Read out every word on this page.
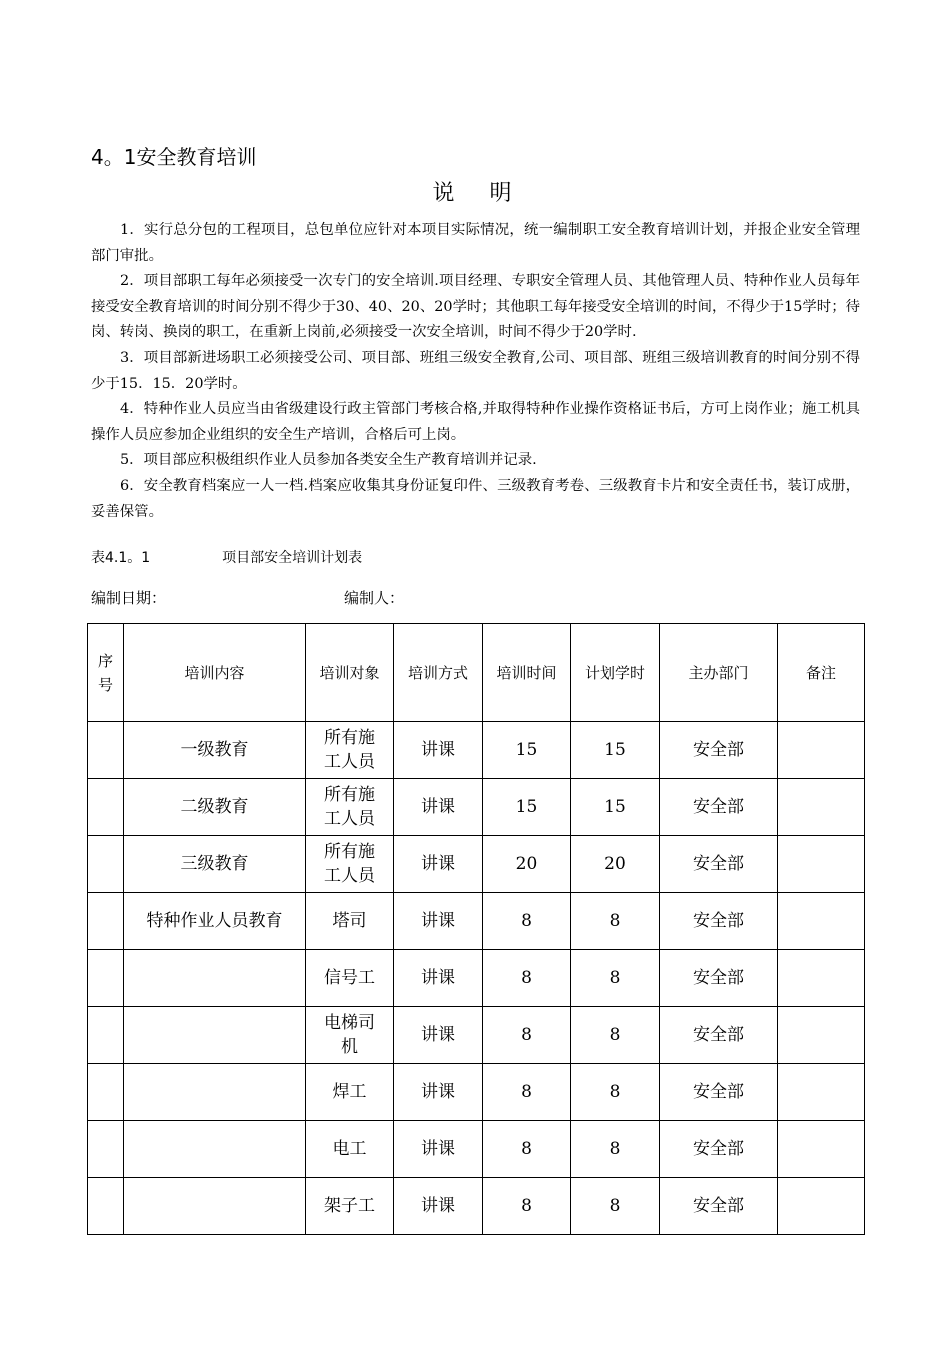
4。1安全教育培训
说 明

1．实行总分包的工程项目，总包单位应针对本项目实际情况，统一编制职工安全教育培训计划，并报企业安全管理部门审批。

2．项目部职工每年必须接受一次专门的安全培训.项目经理、专职安全管理人员、其他管理人员、特种作业人员每年接受安全教育培训的时间分别不得少于30、40、20、20学时；其他职工每年接受安全培训的时间，不得少于15学时；待岗、转岗、换岗的职工，在重新上岗前,必须接受一次安全培训，时间不得少于20学时.

3．项目部新进场职工必须接受公司、项目部、班组三级安全教育,公司、项目部、班组三级培训教育的时间分别不得少于15．15．20学时。

4．特种作业人员应当由省级建设行政主管部门考核合格,并取得特种作业操作资格证书后，方可上岗作业；施工机具操作人员应参加企业组织的安全生产培训，合格后可上岗。

5．项目部应积极组织作业人员参加各类安全生产教育培训并记录.

6．安全教育档案应一人一档.档案应收集其身份证复印件、三级教育考卷、三级教育卡片和安全责任书，装订成册，妥善保管。

表4.1。1	项目部安全培训计划表
编制日期：	编制人：
序号	培训内容	培训对象	培训方式	培训时间	计划学时	主办部门	备注
	一级教育	所有施工人员	讲课	15	15	安全部	
	二级教育	所有施工人员	讲课	15	15	安全部	
	三级教育	所有施工人员	讲课	20	20	安全部	
	特种作业人员教育	塔司	讲课	8	8	安全部	
		信号工	讲课	8	8	安全部	
		电梯司机	讲课	8	8	安全部	
		焊工	讲课	8	8	安全部	
		电工	讲课	8	8	安全部	
		架子工	讲课	8	8	安全部	
